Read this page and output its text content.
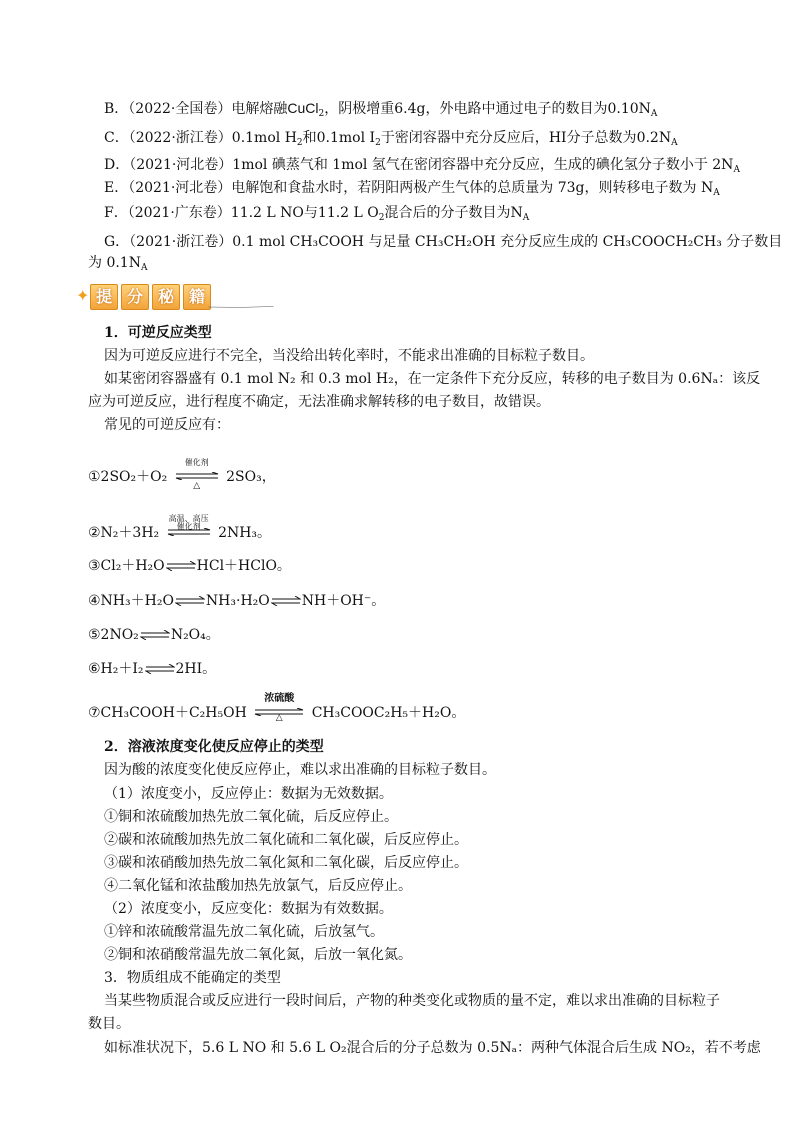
B．（2022·全国卷）电解熔融CuCl$_2$，阴极增重6.4g，外电路中通过电子的数目为$0.10N_A$
C．（2022·浙江卷）0.1mol $H_2$和0.1mol $I_2$于密闭容器中充分反应后，HI分子总数为$0.2N_A$
D．（2021·河北卷）1mol 碘蒸气和 1mol 氢气在密闭容器中充分反应，生成的碘化氢分子数小于 $2N_A$
E．（2021·河北卷）电解饱和食盐水时，若阴阳两极产生气体的总质量为 73g，则转移电子数为 $N_A$
F．（2021·广东卷）11.2 L NO与11.2 L $O_2$混合后的分子数目为$N_A$
G．（2021·浙江卷）0.1 mol CH₃COOH 与足量 CH₃CH₂OH 充分反应生成的 CH₃COOCH₂CH₃ 分子数目
为 $0.1N_A$
✦ 提 分 秘 籍
1．可逆反应类型
因为可逆反应进行不完全，当没给出转化率时，不能求出准确的目标粒子数目。
如某密闭容器盛有 0.1 mol N₂ 和 0.3 mol H₂，在一定条件下充分反应，转移的电子数目为 0.6Nₐ：该反
应为可逆反应，进行程度不确定，无法准确求解转移的电子数目，故错误。
常见的可逆反应有：
①2SO₂＋O₂
催化剂
△
2SO₃，
②N₂＋3H₂
高温、高压
催化剂	2NH₃。
③Cl₂＋H₂O⇌HCl＋HClO。
④NH₃＋H₂O⇌NH₃·H₂O⇌NH＋OH⁻。
⑤2NO₂⇌N₂O₄。
⑥H₂＋I₂⇌2HI。
⑦CH₃COOH＋C₂H₅OH
浓硫酸
△	CH₃COOC₂H₅＋H₂O。
2．溶液浓度变化使反应停止的类型
因为酸的浓度变化使反应停止，难以求出准确的目标粒子数目。
（1）浓度变小，反应停止：数据为无效数据。
①铜和浓硫酸加热先放二氧化硫，后反应停止。
②碳和浓硫酸加热先放二氧化硫和二氧化碳，后反应停止。
③碳和浓硝酸加热先放二氧化氮和二氧化碳，后反应停止。
④二氧化锰和浓盐酸加热先放氯气，后反应停止。
（2）浓度变小，反应变化：数据为有效数据。
①锌和浓硫酸常温先放二氧化硫，后放氢气。
②铜和浓硝酸常温先放二氧化氮，后放一氧化氮。
3．物质组成不能确定的类型
当某些物质混合或反应进行一段时间后，产物的种类变化或物质的量不定，难以求出准确的目标粒子
数目。
如标准状况下，5.6 L NO 和 5.6 L O₂混合后的分子总数为 0.5Nₐ：两种气体混合后生成 NO₂，若不考虑
